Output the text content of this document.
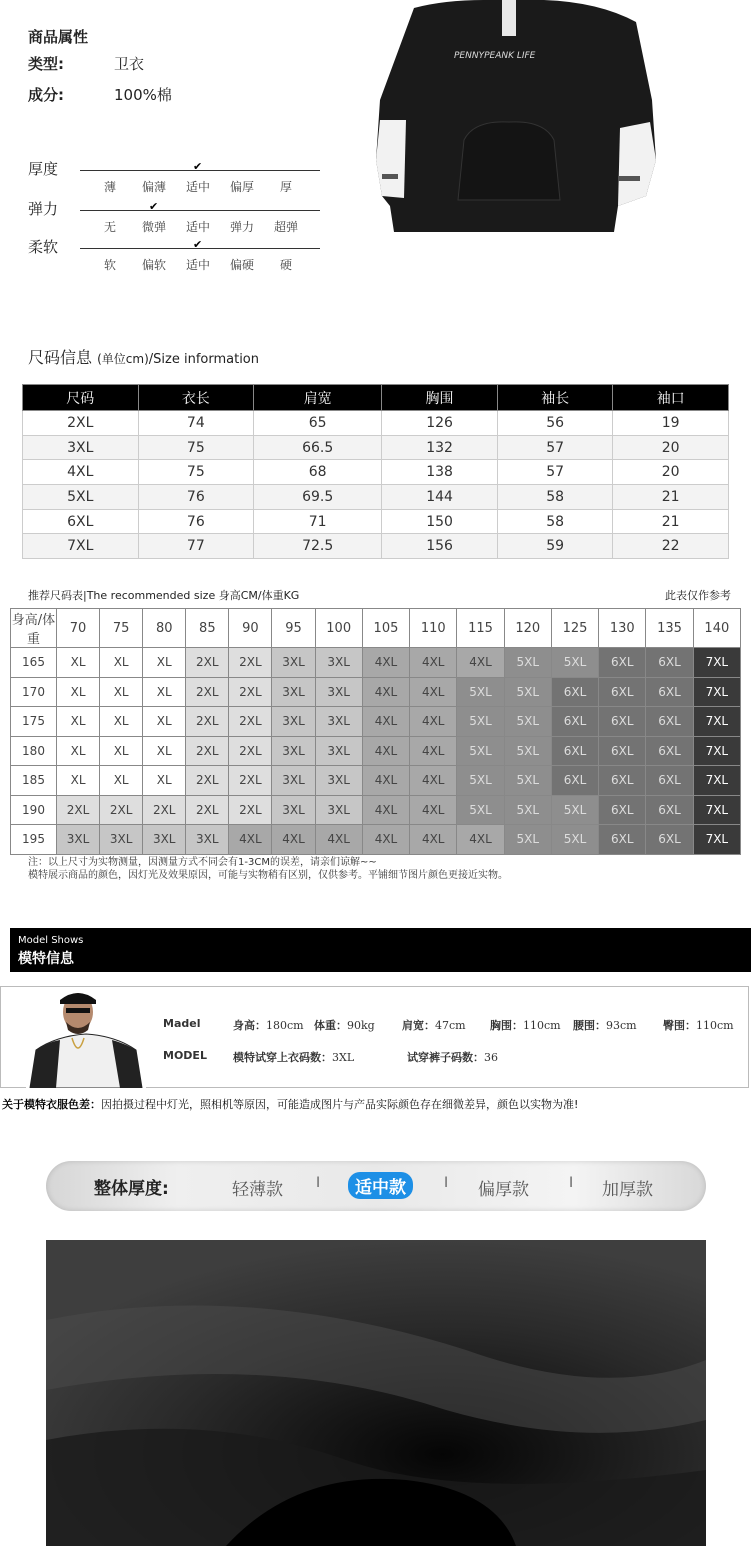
商品属性
类型:	卫衣
成分:	100%棉
厚度	✔
薄	偏薄	适中	偏厚	厚
弹力	✔
无	微弹	适中	弹力	超弹
柔软	✔
软	偏软	适中	偏硬	硬
PENNYPEANK LIFE
尺码信息 (单位cm)/Size information
尺码	衣长	肩宽	胸围	袖长	袖口
2XL	74	65	126	56	19
3XL	75	66.5	132	57	20
4XL	75	68	138	57	20
5XL	76	69.5	144	58	21
6XL	76	71	150	58	21
7XL	77	72.5	156	59	22
推荐尺码表|The recommended size 身高CM/体重KG	此表仅作参考
身高/体重	70	75	80	85	90	95	100	105	110	115	120	125	130	135	140
165	XL	XL	XL	2XL	2XL	3XL	3XL	4XL	4XL	4XL	5XL	5XL	6XL	6XL	7XL
170	XL	XL	XL	2XL	2XL	3XL	3XL	4XL	4XL	5XL	5XL	6XL	6XL	6XL	7XL
175	XL	XL	XL	2XL	2XL	3XL	3XL	4XL	4XL	5XL	5XL	6XL	6XL	6XL	7XL
180	XL	XL	XL	2XL	2XL	3XL	3XL	4XL	4XL	5XL	5XL	6XL	6XL	6XL	7XL
185	XL	XL	XL	2XL	2XL	3XL	3XL	4XL	4XL	5XL	5XL	6XL	6XL	6XL	7XL
190	2XL	2XL	2XL	2XL	2XL	3XL	3XL	4XL	4XL	5XL	5XL	5XL	6XL	6XL	7XL
195	3XL	3XL	3XL	3XL	4XL	4XL	4XL	4XL	4XL	4XL	5XL	5XL	6XL	6XL	7XL
注：以上尺寸为实物测量，因测量方式不同会有1-3CM的误差，请亲们谅解~~
模特展示商品的颜色，因灯光及效果原因，可能与实物稍有区别，仅供参考。平铺细节图片颜色更接近实物。
Model Shows
模特信息
Madel
MODEL
身高：180cm 体重：90kg 肩宽：47cm 胸围：110cm 腰围：93cm 臀围：110cm
模特试穿上衣码数：3XL	试穿裤子码数：36
关于模特衣服色差：因拍摄过程中灯光，照相机等原因，可能造成图片与产品实际颜色存在细微差异，颜色以实物为准!
整体厚度:	轻薄款 I	适中款	I 偏厚款	I 加厚款
